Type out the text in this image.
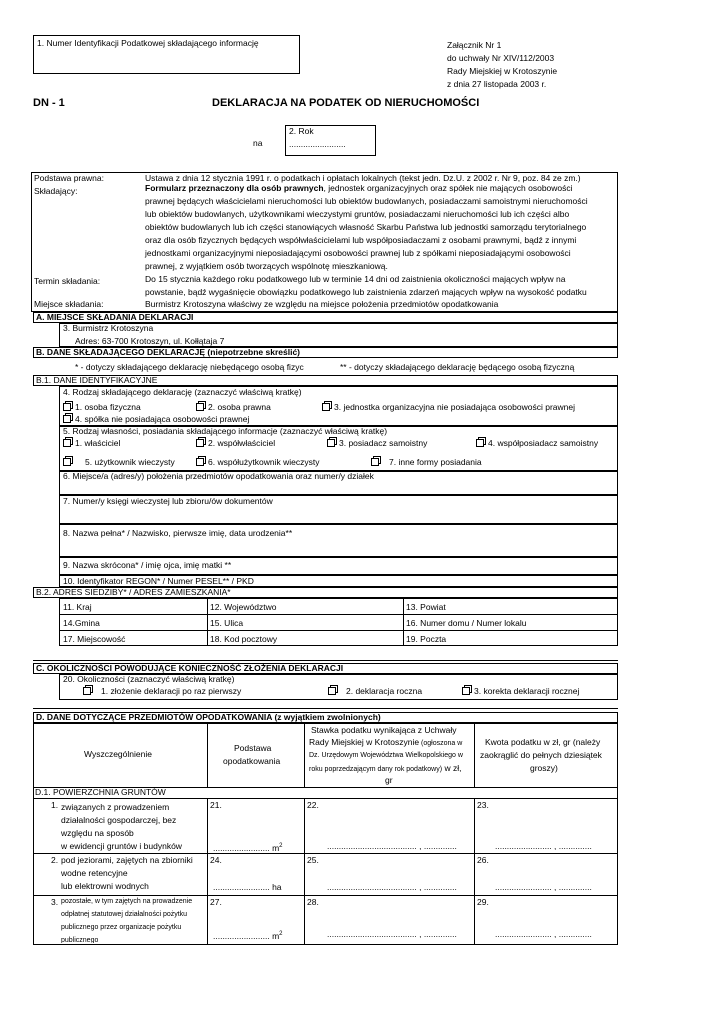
1. Numer Identyfikacji Podatkowej składającego informację	Załącznik Nr 1
do uchwały Nr XIV/112/2003
Rady Miejskiej w Krotoszynie
z dnia 27 listopada 2003 r.
DN - 1	DEKLARACJA NA PODATEK OD NIERUCHOMOŚCI
na
2. Rok
........................
Podstawa prawna:	Ustawa z dnia 12 stycznia 1991 r. o podatkach i opłatach lokalnych (tekst jedn. Dz.U. z 2002 r. Nr 9, poz. 84 ze zm.)
Składający:	Formularz przeznaczony dla osób prawnych, jednostek organizacyjnych oraz spółek nie mających osobowości
prawnej będących właścicielami nieruchomości lub obiektów budowlanych, posiadaczami samoistnymi nieruchomości
lub obiektów budowlanych, użytkownikami wieczystymi gruntów, posiadaczami nieruchomości lub ich części albo
obiektów budowlanych lub ich części stanowiących własność Skarbu Państwa lub jednostki samorządu terytorialnego
oraz dla osób fizycznych będących współwłaścicielami lub współposiadaczami z osobami prawnymi, bądź z innymi
jednostkami organizacyjnymi nieposiadającymi osobowości prawnej lub z spółkami nieposiadającymi osobowości
prawnej, z wyjątkiem osób tworzących wspólnotę mieszkaniową.
Termin składania:	Do 15 stycznia każdego roku podatkowego lub w terminie 14 dni od zaistnienia okoliczności mających wpływ na
powstanie, bądź wygaśnięcie obowiązku podatkowego lub zaistnienia zdarzeń mających wpływ na wysokość podatku
Miejsce składania:	Burmistrz Krotoszyna właściwy ze względu na miejsce położenia przedmiotów opodatkowania
A. MIEJSCE SKŁADANIA DEKLARACJI
3. Burmistrz Krotoszyna
Adres: 63-700 Krotoszyn, ul. Kołłątaja 7
B. DANE SKŁADAJĄCEGO DEKLARACJĘ (niepotrzebne skreślić)
* - dotyczy składającego deklarację niebędącego osobą fizyc	** - dotyczy składającego deklarację będącego osobą fizyczną
B.1. DANE IDENTYFIKACYJNE
4. Rodzaj składającego deklarację (zaznaczyć właściwą kratkę)
1. osoba fizyczna	2. osoba prawna	3. jednostka organizacyjna nie posiadająca osobowości prawnej
4. spółka nie posiadająca osobowości prawnej
5. Rodzaj własności, posiadania składającego informacje (zaznaczyć właściwą kratkę)
1. właściciel	2. współwłaściciel	3. posiadacz samoistny	4. współposiadacz samoistny
5. użytkownik wieczysty	6. współużytkownik wieczysty	7. inne formy posiadania
6. Miejsce/a (adres/y) położenia przedmiotów opodatkowania oraz numer/y działek
7. Numer/y księgi wieczystej lub zbioru/ów dokumentów
8. Nazwa pełna* / Nazwisko, pierwsze imię, data urodzenia**
9. Nazwa skrócona* / imię ojca, imię matki **
10. Identyfikator REGON* / Numer PESEL** / PKD
B.2. ADRES SIEDZIBY* / ADRES ZAMIESZKANIA*
11. Kraj	12. Województwo	13. Powiat
14.Gmina	15. Ulica	16. Numer domu / Numer lokalu
17. Miejscowość	18. Kod pocztowy	19. Poczta
C. OKOLICZNOŚCI POWODUJĄCE KONIECZNOŚĆ ZŁOŻENIA DEKLARACJI
20. Okoliczności (zaznaczyć właściwą kratkę)
1. złożenie deklaracji po raz pierwszy	2. deklaracja roczna	3. korekta deklaracji rocznej
D. DANE DOTYCZĄCE PRZEDMIOTÓW OPODATKOWANIA (z wyjątkiem zwolnionych)
Wyszczególnienie
Podstawa
opodatkowania
Stawka podatku wynikająca z Uchwały
Rady Miejskiej w Krotoszynie (ogłoszona w
Dz. Urzędowym Województwa Wielkopolskiego w
roku poprzedzającym dany rok podatkowy) w zł,
gr
Kwota podatku w zł, gr (należy
zaokrąglić do pełnych dziesiątek
groszy)
D.1. POWIERZCHNIA GRUNTÓW
1. związanych z prowadzeniem
działalności gospodarczej, bez
względu na sposób
w ewidencji gruntów i budynków
21.	22.	23.
........................ $m^2$	...................................... , ..............	........................ , ..............
2. pod jeziorami, zajętych na zbiorniki
wodne retencyjne
lub elektrowni wodnych
24.	25.	26.
........................ ha	...................................... , ..............	........................ , ..............
3. pozostałe, w tym zajętych na prowadzenie
odpłatnej statutowej działalności pożytku
publicznego przez organizacje pożytku
publicznego
27.	28.	29.
........................ $m^2$	...................................... , ..............	........................ , ..............
